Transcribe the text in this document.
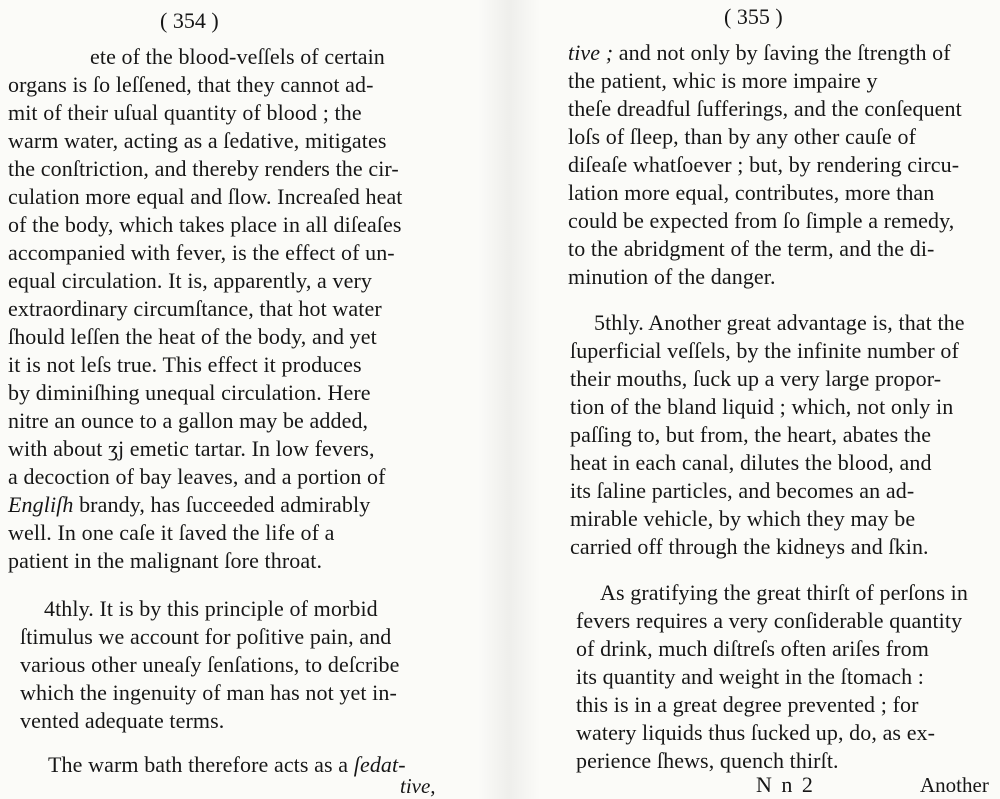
( 354 )
ete of the blood-veſſels of certain
organs is ſo leſſened, that they cannot ad-
mit of their uſual quantity of blood ; the
warm water, acting as a ſedative, mitigates
the conſtriction, and thereby renders the cir-
culation more equal and ſlow. Increaſed heat
of the body, which takes place in all diſeaſes
accompanied with fever, is the effect of un-
equal circulation. It is, apparently, a very
extraordinary circumſtance, that hot water
ſhould leſſen the heat of the body, and yet
it is not leſs true. This effect it produces
by diminiſhing unequal circulation. Here
nitre an ounce to a gallon may be added,
with about ʒj emetic tartar. In low fevers,
a decoction of bay leaves, and a portion of
Engliſh brandy, has ſucceeded admirably
well. In one caſe it ſaved the life of a
patient in the malignant ſore throat.
4thly. It is by this principle of morbid
ſtimulus we account for poſitive pain, and
various other uneaſy ſenſations, to deſcribe
which the ingenuity of man has not yet in-
vented adequate terms.
The warm bath therefore acts as a ſedat-
tive,
( 355 )
tive ; and not only by ſaving the ſtrength of
the patient, whic is more impaire y
theſe dreadful ſufferings, and the conſequent
loſs of ſleep, than by any other cauſe of
diſeaſe whatſoever ; but, by rendering circu-
lation more equal, contributes, more than
could be expected from ſo ſimple a remedy,
to the abridgment of the term, and the di-
minution of the danger.
5thly. Another great advantage is, that the
ſuperficial veſſels, by the infinite number of
their mouths, ſuck up a very large propor-
tion of the bland liquid ; which, not only in
paſſing to, but from, the heart, abates the
heat in each canal, dilutes the blood, and
its ſaline particles, and becomes an ad-
mirable vehicle, by which they may be
carried off through the kidneys and ſkin.
As gratifying the great thirſt of perſons in
fevers requires a very conſiderable quantity
of drink, much diſtreſs often ariſes from
its quantity and weight in the ſtomach :
this is in a great degree prevented ; for
watery liquids thus ſucked up, do, as ex-
perience ſhews, quench thirſt.
N n 2	Another
